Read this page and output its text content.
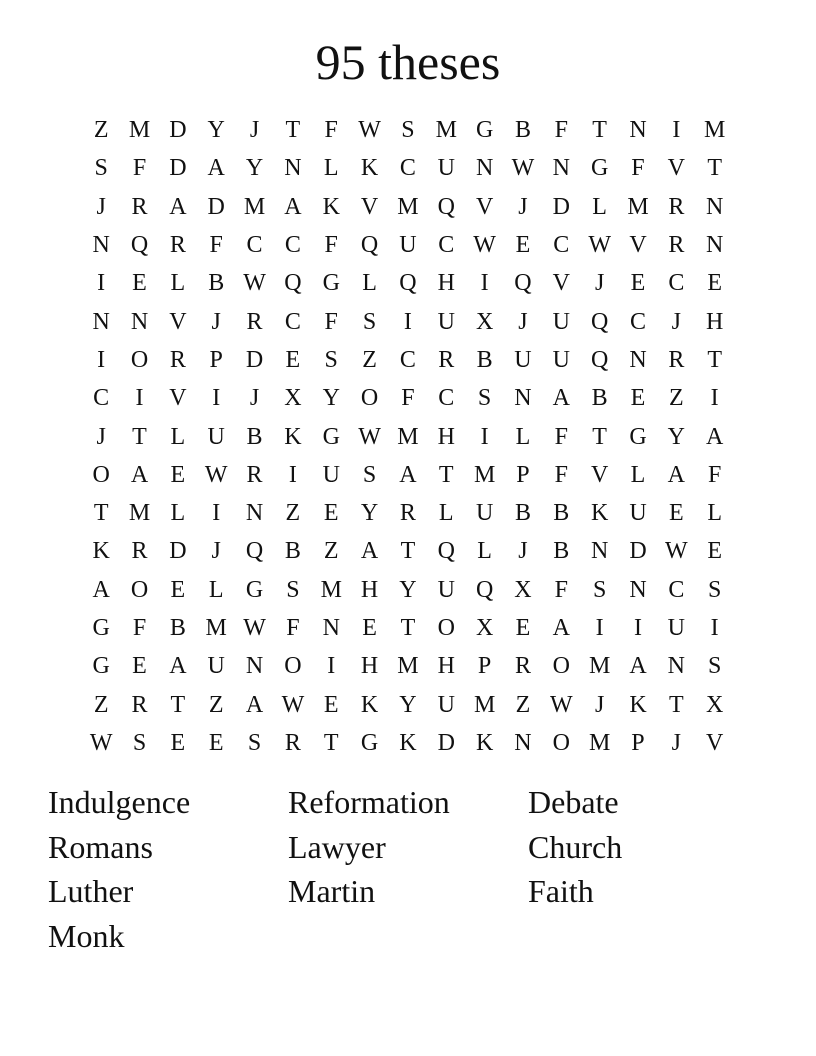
95 theses
Z M D Y	J	T	F W S M G B F	T N	I M
S	F D A Y N L K C U N W N G F V T
J	R A D M A K V M Q V	J	D L M R N
N Q R F C C F Q U C W E C W V R N
I	E L B W Q G L Q H	I	Q V	J	E C E
N N V	J	R C F	S	I	U X	J	U Q C	J	H
I	O R P D E	S	Z C R B U U Q N R T
C	I	V	I	J	X Y O F C S N A B E Z	I
J	T L U B K G W M H	I	L	F	T G Y A
O A E W R	I	U S A T M P	F V L A F
T M L	I	N Z E Y R L U B B K U E L
K R D	J	Q B Z A T Q L	J	B N D W E
A O E L G S M H Y U Q X F	S N C S
G F B M W F N E T O X E A	I	I	U	I
G E A U N O	I	H M H P R O M A N S
Z R T Z A W E K Y U M Z W J	K T X
W S	E E	S R T G K D K N O M P	J	V
Indulgence	Reformation	Debate
Romans	Lawyer	Church
Luther	Martin	Faith
Monk
